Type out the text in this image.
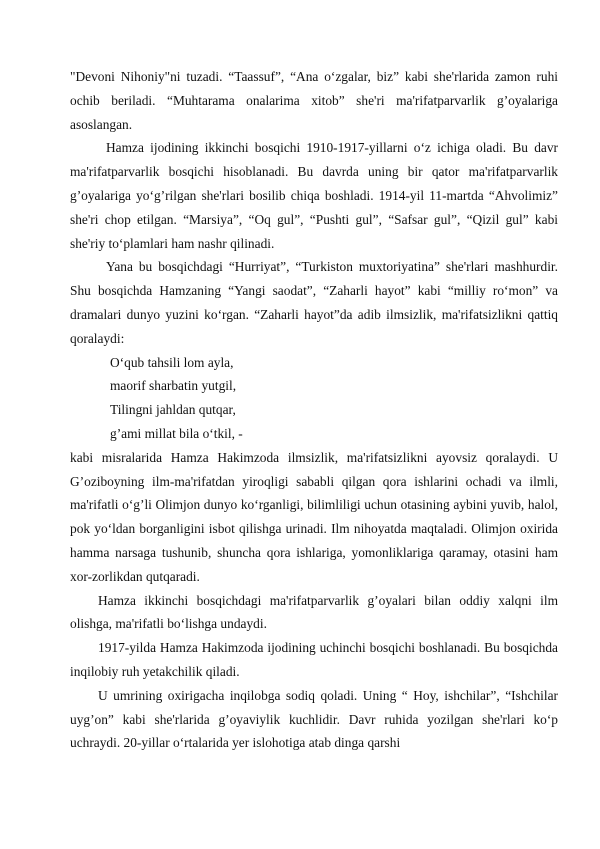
"Devoni Nihoniy"ni tuzadi. “Taassuf”, “Ana o‘zgalar, biz” kabi she'rlarida zamon ruhi ochib beriladi. “Muhtarama onalarima xitob” she'ri ma'rifatparvarlik g’oyalariga asoslangan.

Hamza ijodining ikkinchi bosqichi 1910-1917-yillarni o‘z ichiga oladi. Bu davr ma'rifatparvarlik bosqichi hisoblanadi. Bu davrda uning bir qator ma'rifatparvarlik g’oyalariga yo‘g’rilgan she'rlari bosilib chiqa boshladi. 1914-yil 11-martda “Ahvolimiz” she'ri chop etilgan. “Marsiya”, “Oq gul”, “Pushti gul”, “Safsar gul”, “Qizil gul” kabi she'riy to‘plamlari ham nashr qilinadi.

Yana bu bosqichdagi “Hurriyat”, “Turkiston muxtoriyatina” she'rlari mashhurdir. Shu bosqichda Hamzaning “Yangi saodat”, “Zaharli hayot” kabi “milliy ro‘mon” va dramalari dunyo yuzini ko‘rgan. “Zaharli hayot”da adib ilmsizlik, ma'rifatsizlikni qattiq qoralaydi:

O‘qub tahsili lom ayla,
maorif sharbatin yutgil,
Tilingni jahldan qutqar,
g’ami millat bila o‘tkil, -

kabi misralarida Hamza Hakimzoda ilmsizlik, ma'rifatsizlikni ayovsiz qoralaydi. U G’oziboyning ilm-ma'rifatdan yiroqligi sababli qilgan qora ishlarini ochadi va ilmli, ma'rifatli o‘g’li Olimjon dunyo ko‘rganligi, bilimliligi uchun otasining aybini yuvib, halol, pok yo‘ldan borganligini isbot qilishga urinadi. Ilm nihoyatda maqtaladi. Olimjon oxirida hamma narsaga tushunib, shuncha qora ishlariga, yomonliklariga qaramay, otasini ham xor-zorlikdan qutqaradi.

Hamza ikkinchi bosqichdagi ma'rifatparvarlik g’oyalari bilan oddiy xalqni ilm olishga, ma'rifatli bo‘lishga undaydi.

1917-yilda Hamza Hakimzoda ijodining uchinchi bosqichi boshlanadi. Bu bosqichda inqilobiy ruh yetakchilik qiladi.

U umrining oxirigacha inqilobga sodiq qoladi. Uning “ Hoy, ishchilar”, “Ishchilar uyg’on” kabi she'rlarida g’oyaviylik kuchlidir. Davr ruhida yozilgan she'rlari ko‘p uchraydi. 20-yillar o‘rtalarida yer islohotiga atab dinga qarshi
